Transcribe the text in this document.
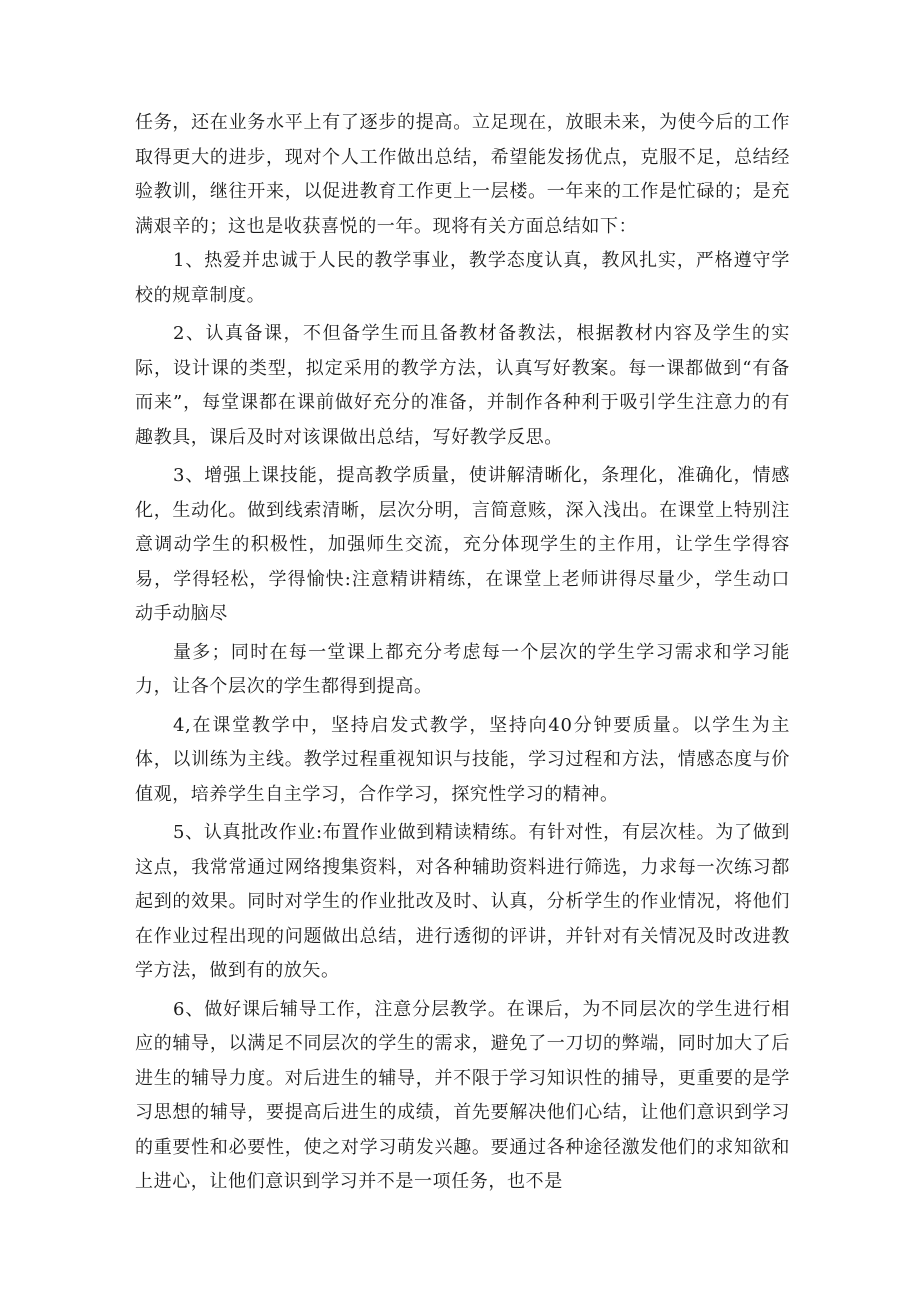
任务，还在业务水平上有了逐步的提高。立足现在，放眼未来，为使今后的工作取得更大的进步，现对个人工作做出总结，希望能发扬优点，克服不足，总结经验教训，继往开来，以促进教育工作更上一层楼。一年来的工作是忙碌的；是充满艰辛的；这也是收获喜悦的一年。现将有关方面总结如下：

1、热爱并忠诚于人民的教学事业，教学态度认真，教风扎实，严格遵守学校的规章制度。

2、认真备课，不但备学生而且备教材备教法，根据教材内容及学生的实际，设计课的类型，拟定采用的教学方法，认真写好教案。每一课都做到“有备而来”，每堂课都在课前做好充分的准备，并制作各种利于吸引学生注意力的有趣教具，课后及时对该课做出总结，写好教学反思。

3、增强上课技能，提高教学质量，使讲解清晰化，条理化，准确化，情感化，生动化。做到线索清晰，层次分明，言简意赅，深入浅出。在课堂上特别注意调动学生的积极性，加强师生交流，充分体现学生的主作用，让学生学得容易，学得轻松，学得愉快:注意精讲精练，在课堂上老师讲得尽量少，学生动口动手动脑尽

量多；同时在每一堂课上都充分考虑每一个层次的学生学习需求和学习能力，让各个层次的学生都得到提高。

4,在课堂教学中，坚持启发式教学，坚持向40分钟要质量。以学生为主体，以训练为主线。教学过程重视知识与技能，学习过程和方法，情感态度与价值观，培养学生自主学习，合作学习，探究性学习的精神。

5、认真批改作业:布置作业做到精读精练。有针对性，有层次桂。为了做到这点，我常常通过网络搜集资料，对各种辅助资料进行筛选，力求每一次练习都起到的效果。同时对学生的作业批改及时、认真，分析学生的作业情况，将他们在作业过程出现的问题做出总结，进行透彻的评讲，并针对有关情况及时改进教学方法，做到有的放矢。

6、做好课后辅导工作，注意分层教学。在课后，为不同层次的学生进行相应的辅导，以满足不同层次的学生的需求，避免了一刀切的弊端，同时加大了后进生的辅导力度。对后进生的辅导，并不限于学习知识性的捕导，更重要的是学习思想的辅导，要提高后进生的成绩，首先要解决他们心结，让他们意识到学习的重要性和必要性，使之对学习萌发兴趣。要通过各种途径激发他们的求知欲和上进心，让他们意识到学习并不是一项任务，也不是
